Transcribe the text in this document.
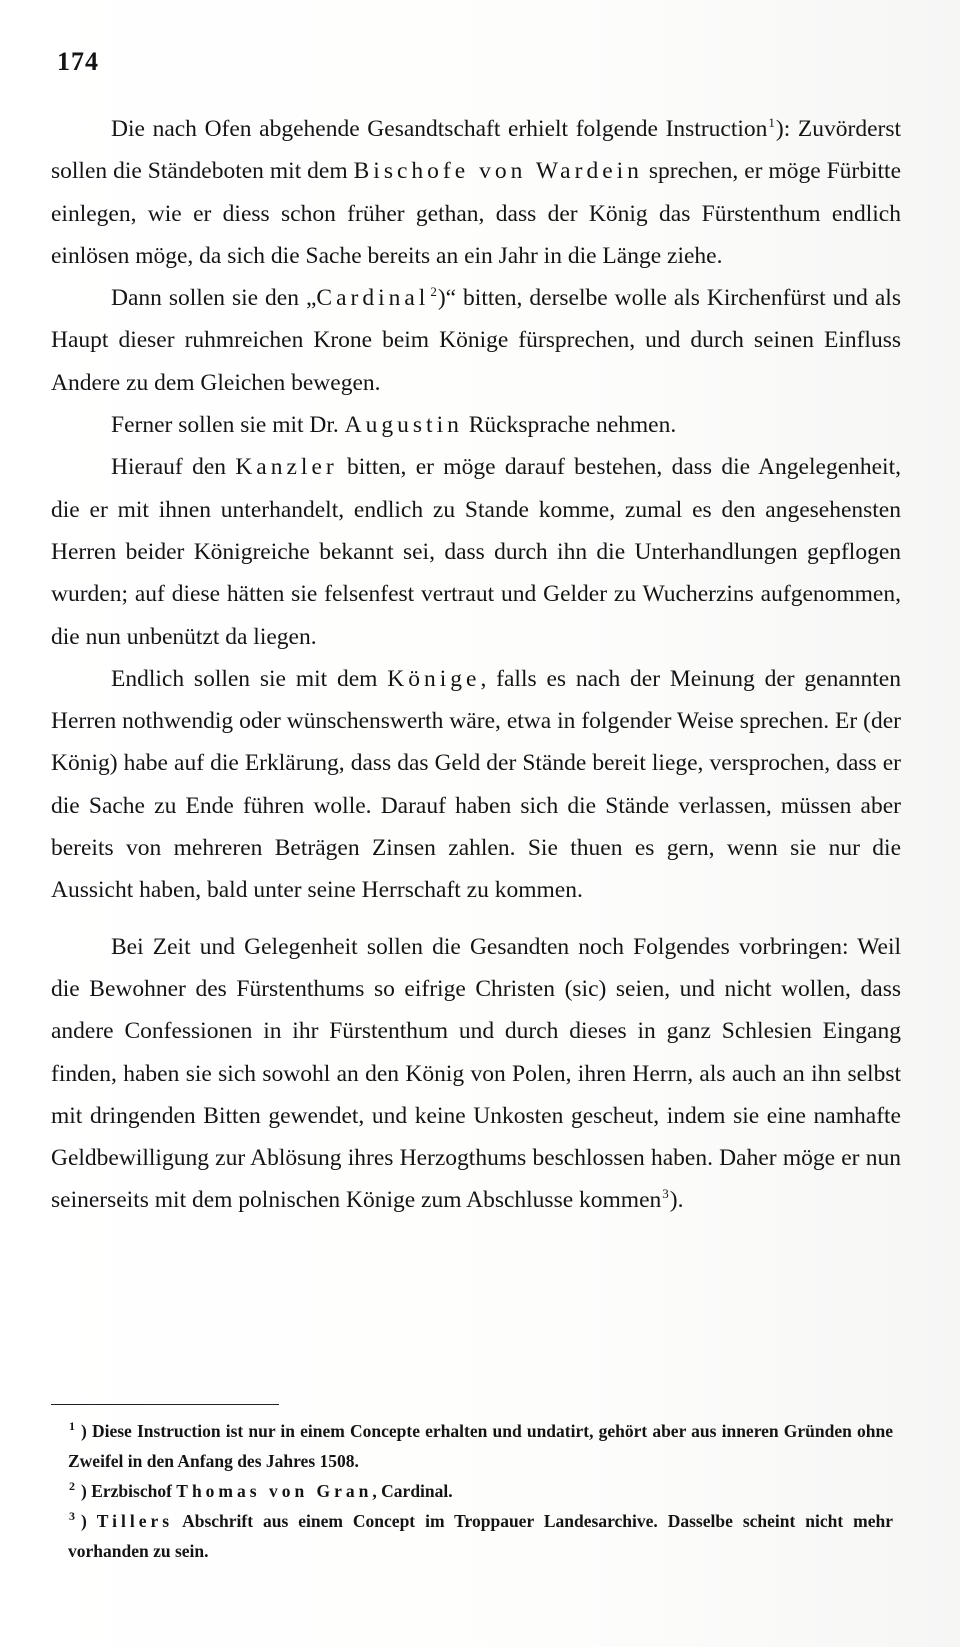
174

Die nach Ofen abgehende Gesandtschaft erhielt folgende Instruction$^1$): Zuvörderst sollen die Ständeboten mit dem Bischofe von Wardein sprechen, er möge Fürbitte einlegen, wie er diess schon früher gethan, dass der König das Fürstenthum endlich einlösen möge, da sich die Sache bereits an ein Jahr in die Länge ziehe.

Dann sollen sie den „Cardinal$^2$)“ bitten, derselbe wolle als Kirchenfürst und als Haupt dieser ruhmreichen Krone beim Könige fürsprechen, und durch seinen Einfluss Andere zu dem Gleichen bewegen.

Ferner sollen sie mit Dr. Augustin Rücksprache nehmen.

Hierauf den Kanzler bitten, er möge darauf bestehen, dass die Angelegenheit, die er mit ihnen unterhandelt, endlich zu Stande komme, zumal es den angesehensten Herren beider Königreiche bekannt sei, dass durch ihn die Unterhandlungen gepflogen wurden; auf diese hätten sie felsenfest vertraut und Gelder zu Wucherzins aufgenommen, die nun unbenützt da liegen.

Endlich sollen sie mit dem Könige, falls es nach der Meinung der genannten Herren nothwendig oder wünschenswerth wäre, etwa in folgender Weise sprechen. Er (der König) habe auf die Erklärung, dass das Geld der Stände bereit liege, versprochen, dass er die Sache zu Ende führen wolle. Darauf haben sich die Stände verlassen, müssen aber bereits von mehreren Beträgen Zinsen zahlen. Sie thuen es gern, wenn sie nur die Aussicht haben, bald unter seine Herrschaft zu kommen.

Bei Zeit und Gelegenheit sollen die Gesandten noch Folgendes vorbringen: Weil die Bewohner des Fürstenthums so eifrige Christen (sic) seien, und nicht wollen, dass andere Confessionen in ihr Fürstenthum und durch dieses in ganz Schlesien Eingang finden, haben sie sich sowohl an den König von Polen, ihren Herrn, als auch an ihn selbst mit dringenden Bitten gewendet, und keine Unkosten gescheut, indem sie eine namhafte Geldbewilligung zur Ablösung ihres Herzogthums beschlossen haben. Daher möge er nun seinerseits mit dem polnischen Könige zum Abschlusse kommen$^3$).

$^1$ ) Diese Instruction ist nur in einem Concepte erhalten und undatirt, gehört aber aus inneren Gründen ohne Zweifel in den Anfang des Jahres 1508.

$^2$ ) Erzbischof Thomas von Gran, Cardinal.

$^3$ ) Tillers Abschrift aus einem Concept im Troppauer Landesarchive. Dasselbe scheint nicht mehr vorhanden zu sein.
